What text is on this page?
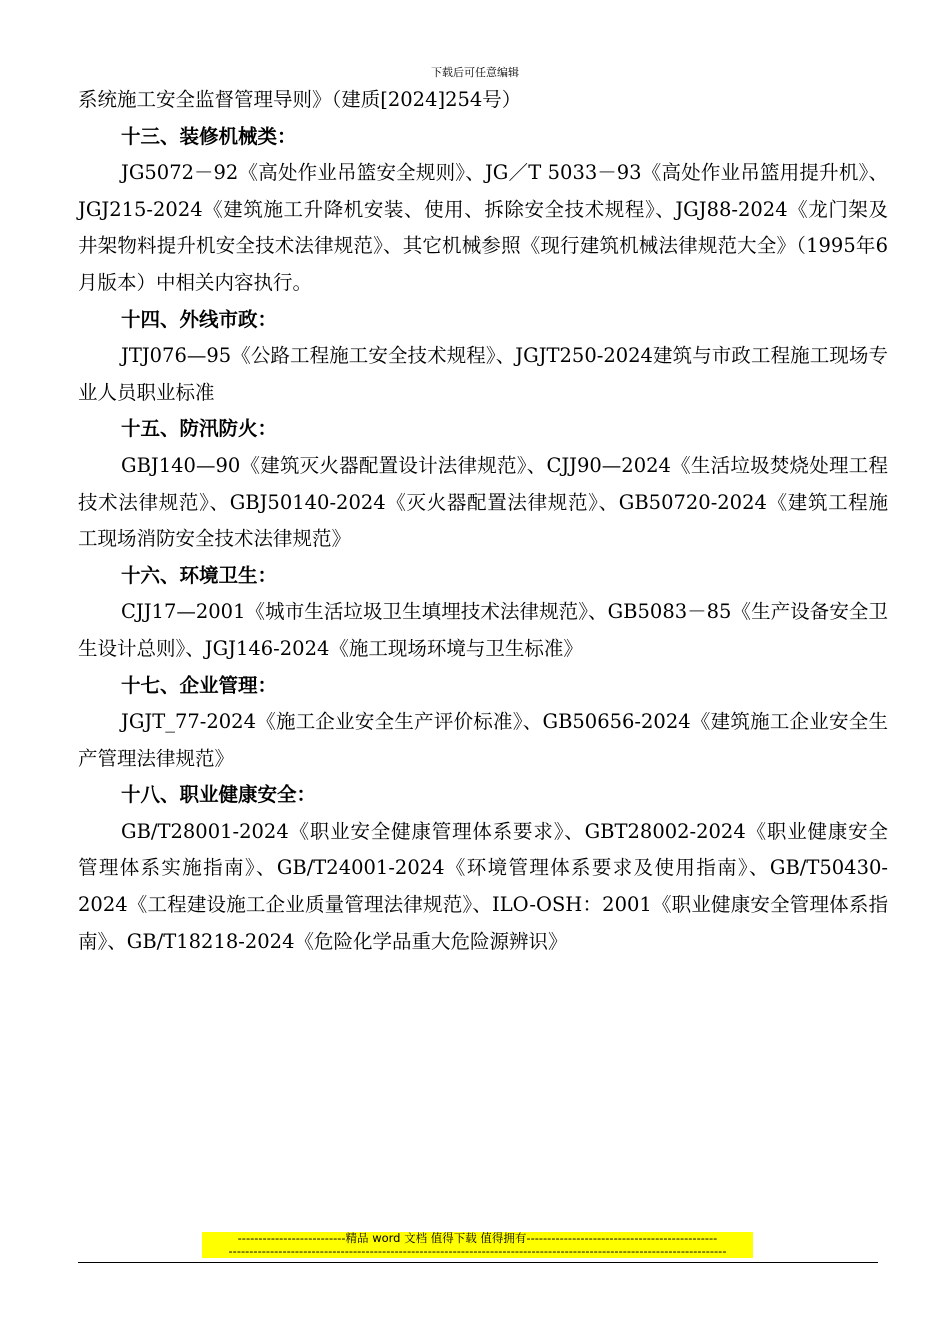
下载后可任意编辑

系统施工安全监督管理导则》（建质[2024]254号）

十三、装修机械类：

JG5072－92《高处作业吊篮安全规则》、JG／T 5033－93《高处作业吊篮用提升机》、JGJ215-2024《建筑施工升降机安装、使用、拆除安全技术规程》、JGJ88-2024《龙门架及井架物料提升机安全技术法律规范》、其它机械参照《现行建筑机械法律规范大全》（1995年6月版本）中相关内容执行。

十四、外线市政：

JTJ076—95《公路工程施工安全技术规程》、JGJT250-2024建筑与市政工程施工现场专业人员职业标准

十五、防汛防火：

GBJ140—90《建筑灭火器配置设计法律规范》、CJJ90—2024《生活垃圾焚烧处理工程技术法律规范》、GBJ50140-2024《灭火器配置法律规范》、GB50720-2024《建筑工程施工现场消防安全技术法律规范》

十六、环境卫生：

CJJ17—2001《城市生活垃圾卫生填埋技术法律规范》、GB5083－85《生产设备安全卫生设计总则》、JGJ146-2024《施工现场环境与卫生标准》

十七、企业管理：

JGJT_77-2024《施工企业安全生产评价标准》、GB50656-2024《建筑施工企业安全生产管理法律规范》

十八、职业健康安全：

GB/T28001-2024《职业安全健康管理体系要求》、GBT28002-2024《职业健康安全管理体系实施指南》、GB/T24001-2024《环境管理体系要求及使用指南》、GB/T50430-2024《工程建设施工企业质量管理法律规范》、ILO-OSH：2001《职业健康安全管理体系指南》、GB/T18218-2024《危险化学品重大危险源辨识》

--------------------------精品 word 文档 值得下载 值得拥有----------------------------------------------
------------------------------------------------------------------------------------------------------------------------
